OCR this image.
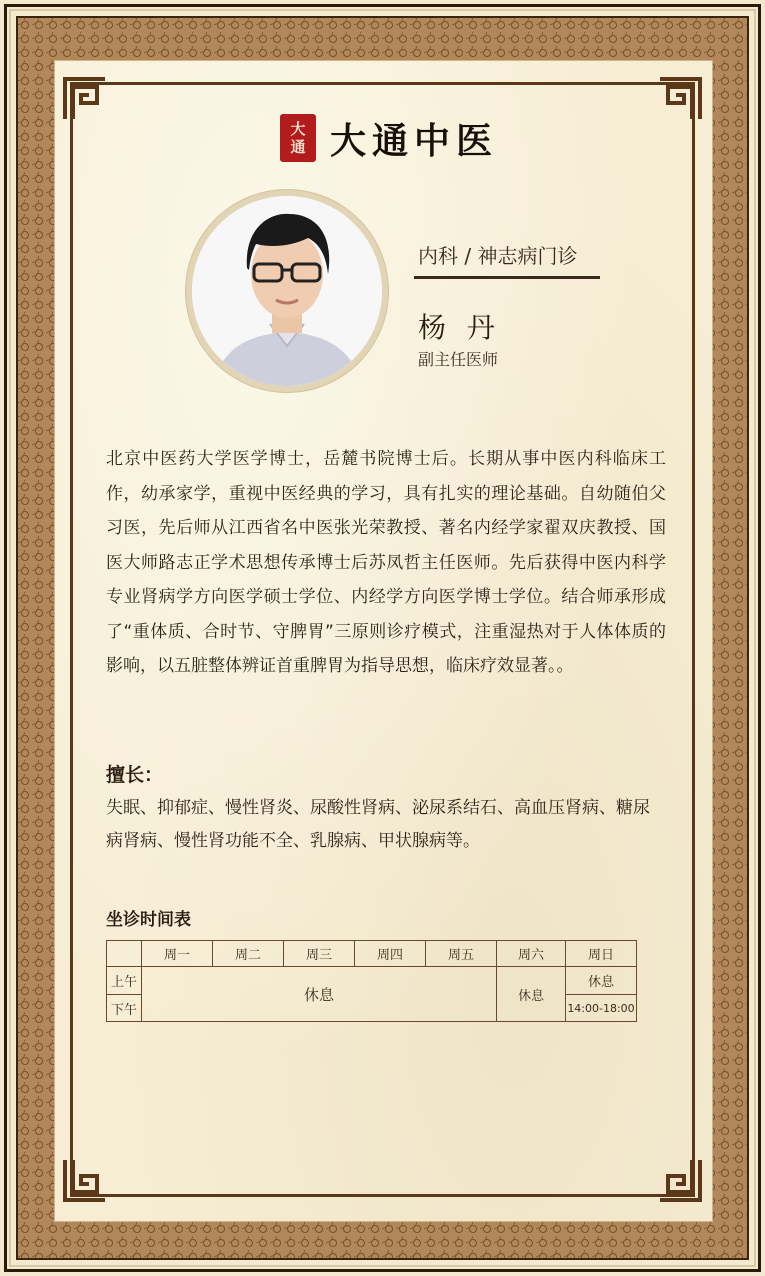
大
通 大通中医
内科 / 神志病门诊
杨 丹
副主任医师
北京中医药大学医学博士，岳麓书院博士后。长期从事中医内科临床工作，幼承家学，重视中医经典的学习，具有扎实的理论基础。自幼随伯父习医，先后师从江西省名中医张光荣教授、著名内经学家翟双庆教授、国医大师路志正学术思想传承博士后苏凤哲主任医师。先后获得中医内科学专业肾病学方向医学硕士学位、内经学方向医学博士学位。结合师承形成了“重体质、合时节、守脾胃”三原则诊疗模式，注重湿热对于人体体质的影响，以五脏整体辨证首重脾胃为指导思想，临床疗效显著。。
擅长：
失眠、抑郁症、慢性肾炎、尿酸性肾病、泌尿系结石、高血压肾病、糖尿病肾病、慢性肾功能不全、乳腺病、甲状腺病等。
坐诊时间表
	周一	周二	周三	周四	周五	周六	周日
上午	休息					休息	休息
下午							14:00-18:00
